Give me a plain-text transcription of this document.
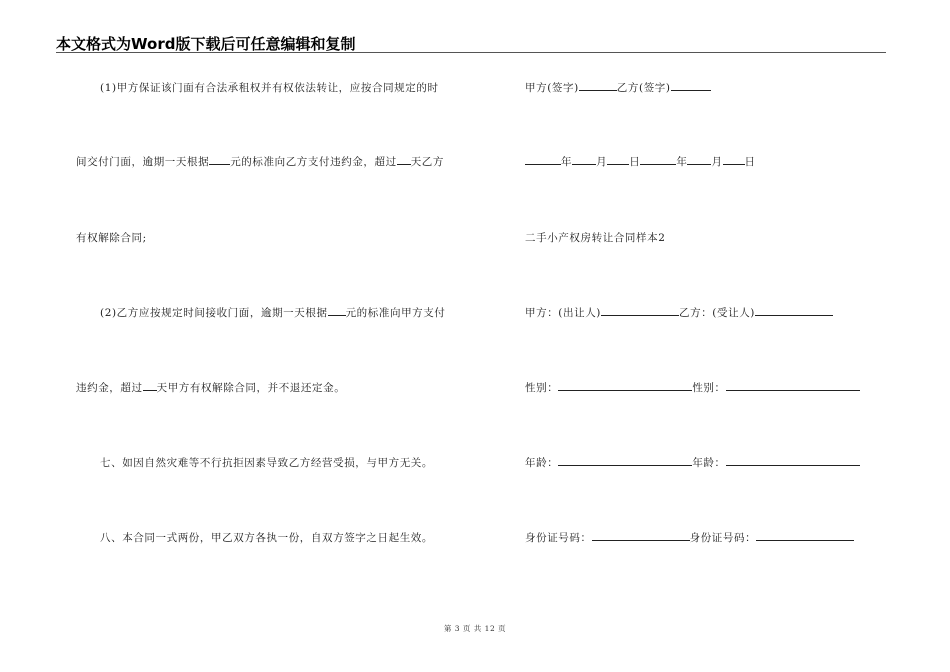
本文格式为Word版下载后可任意编辑和复制
(1)甲方保证该门面有合法承租权并有权依法转让，应按合同规定的时
间交付门面，逾期一天根据 元的标准向乙方支付违约金，超过 天乙方
有权解除合同;
(2)乙方应按规定时间接收门面，逾期一天根据 元的标准向甲方支付
违约金，超过 天甲方有权解除合同，并不退还定金。
七、如因自然灾难等不行抗拒因素导致乙方经营受损，与甲方无关。
八、本合同一式两份，甲乙双方各执一份，自双方签字之日起生效。
甲方(签字)	乙方(签字)
年 月 日	年 月 日
二手小产权房转让合同样本2
甲方：(出让人)	乙方：(受让人)
性别：	性别：
年龄：	年龄：
身份证号码：	身份证号码：
第 3 页 共 12 页
